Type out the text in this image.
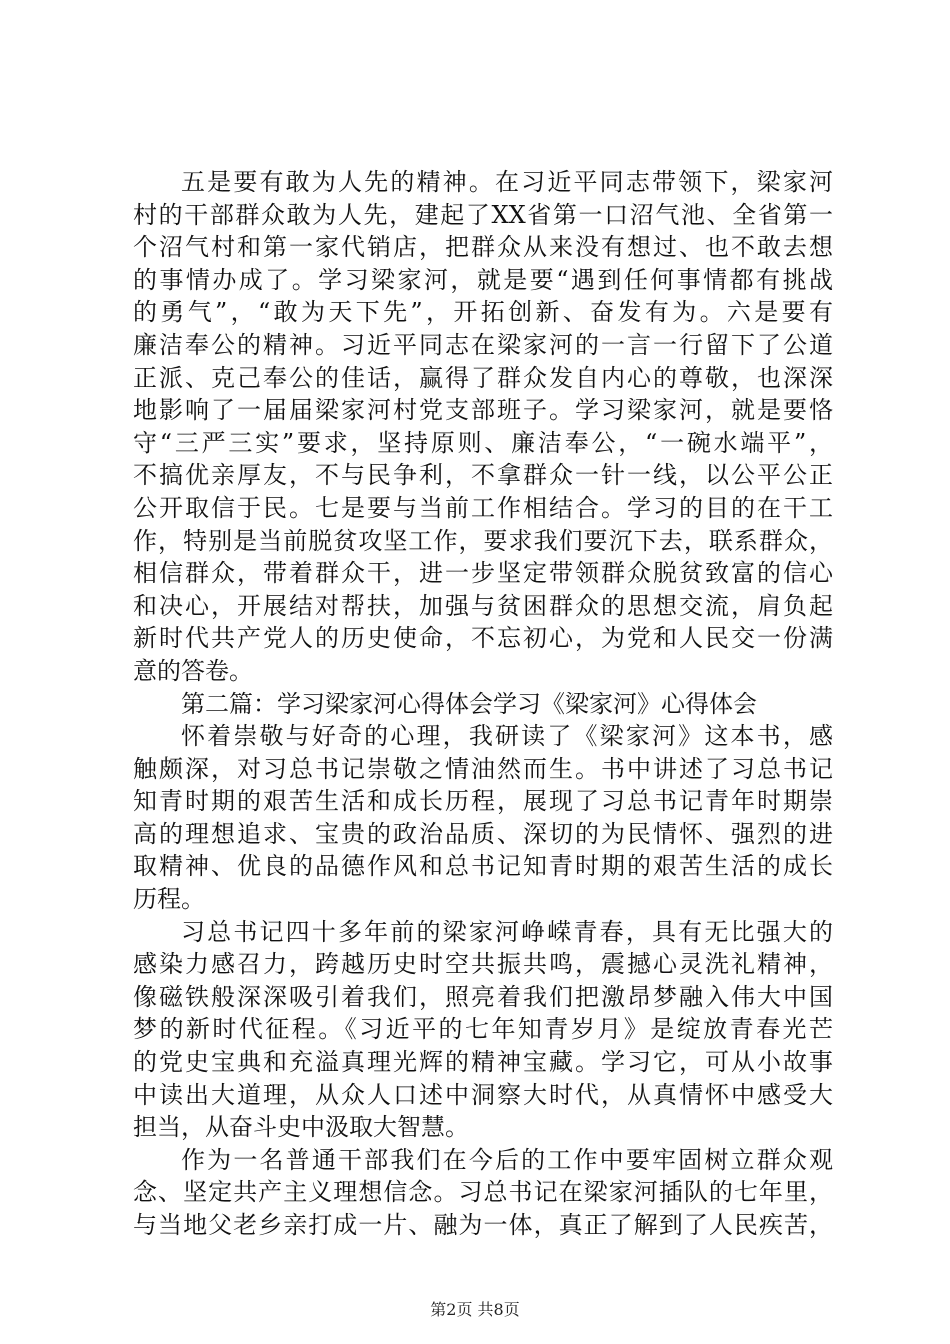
五是要有敢为人先的精神。在习近平同志带领下，梁家河
村的干部群众敢为人先，建起了XX省第一口沼气池、全省第一
个沼气村和第一家代销店，把群众从来没有想过、也不敢去想
的事情办成了。学习梁家河，就是要“遇到任何事情都有挑战
的勇气”，“敢为天下先”，开拓创新、奋发有为。六是要有
廉洁奉公的精神。习近平同志在梁家河的一言一行留下了公道
正派、克己奉公的佳话，赢得了群众发自内心的尊敬，也深深
地影响了一届届梁家河村党支部班子。学习梁家河，就是要恪
守“三严三实”要求，坚持原则、廉洁奉公，“一碗水端平”，
不搞优亲厚友，不与民争利，不拿群众一针一线，以公平公正
公开取信于民。七是要与当前工作相结合。学习的目的在干工
作，特别是当前脱贫攻坚工作，要求我们要沉下去，联系群众，
相信群众，带着群众干，进一步坚定带领群众脱贫致富的信心
和决心，开展结对帮扶，加强与贫困群众的思想交流，肩负起
新时代共产党人的历史使命，不忘初心，为党和人民交一份满
意的答卷。
第二篇：学习梁家河心得体会学习《梁家河》心得体会
怀着崇敬与好奇的心理，我研读了《梁家河》这本书，感
触颇深，对习总书记崇敬之情油然而生。书中讲述了习总书记
知青时期的艰苦生活和成长历程，展现了习总书记青年时期崇
高的理想追求、宝贵的政治品质、深切的为民情怀、强烈的进
取精神、优良的品德作风和总书记知青时期的艰苦生活的成长
历程。
习总书记四十多年前的梁家河峥嵘青春，具有无比强大的
感染力感召力，跨越历史时空共振共鸣，震撼心灵洗礼精神，
像磁铁般深深吸引着我们，照亮着我们把激昂梦融入伟大中国
梦的新时代征程。《习近平的七年知青岁月》是绽放青春光芒
的党史宝典和充溢真理光辉的精神宝藏。学习它，可从小故事
中读出大道理，从众人口述中洞察大时代，从真情怀中感受大
担当，从奋斗史中汲取大智慧。
作为一名普通干部我们在今后的工作中要牢固树立群众观
念、坚定共产主义理想信念。习总书记在梁家河插队的七年里，
与当地父老乡亲打成一片、融为一体，真正了解到了人民疾苦，
第2页 共8页
